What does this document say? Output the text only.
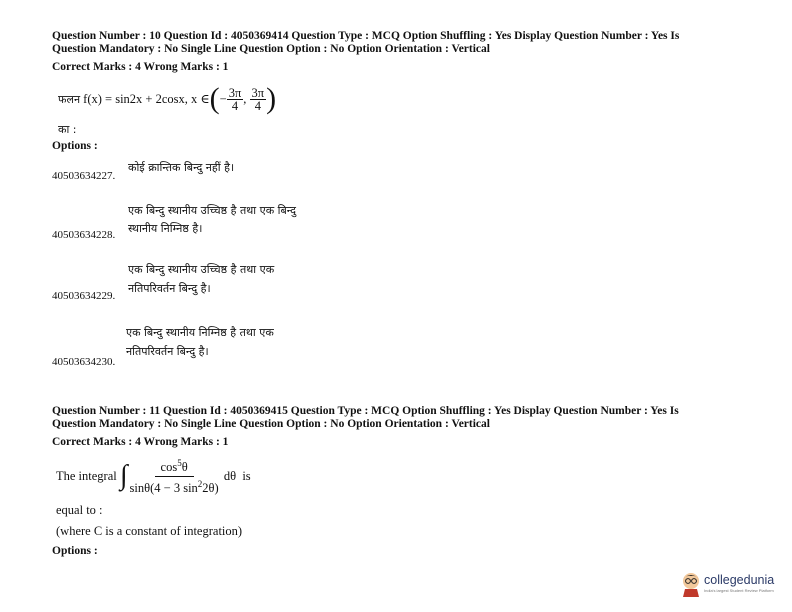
Question Number : 10 Question Id : 4050369414 Question Type : MCQ Option Shuffling : Yes Display Question Number : Yes Is
Question Mandatory : No Single Line Question Option : No Option Orientation : Vertical
Correct Marks : 4 Wrong Marks : 1
फलन
f(x) = sin2x + 2cosx,
x ∈ ( − $\frac{3\pi}{4}$ , $\frac{3\pi}{4}$ )
का :
Options :
40503634227.
कोई क्रान्तिक बिन्दु नहीं है।
एक बिन्दु स्थानीय उच्चिष्ठ है तथा एक बिन्दु
स्थानीय निम्निष्ठ है।
40503634228.
एक बिन्दु स्थानीय उच्चिष्ठ है तथा एक
नतिपरिवर्तन बिन्दु है।
40503634229.
एक बिन्दु स्थानीय निम्निष्ठ है तथा एक
नतिपरिवर्तन बिन्दु है।
40503634230.
Question Number : 11 Question Id : 4050369415 Question Type : MCQ Option Shuffling : Yes Display Question Number : Yes Is
Question Mandatory : No Single Line Question Option : No Option Orientation : Vertical
Correct Marks : 4 Wrong Marks : 1
The integral
∫ $\frac{\cos^5\theta}{\sin\theta(4 - 3 \sin^22\theta)}$
dθ
is
equal to :
(where C is a constant of integration)
Options :
collegedunia
India's largest Student Review Platform
